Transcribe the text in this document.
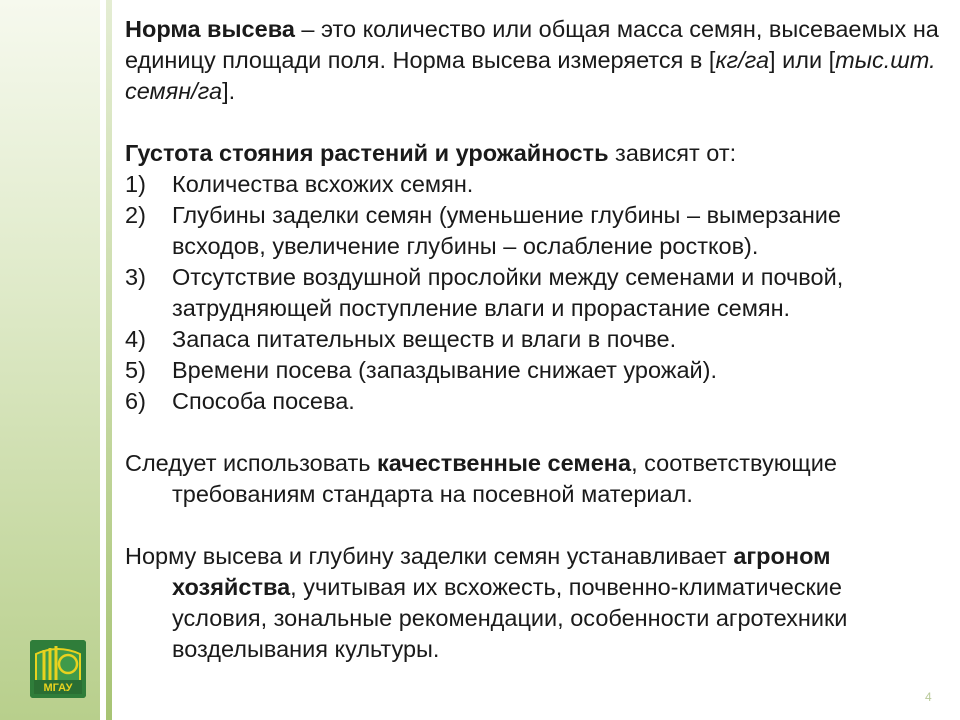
МГАУ

Норма высева – это количество или общая масса семян, высеваемых на единицу площади поля. Норма высева измеряется в [кг/га] или [тыс.шт. семян/га].

Густота стояния растений и урожайность зависят от:

1) Количества всхожих семян.
2) Глубины заделки семян (уменьшение глубины – вымерзание всходов, увеличение глубины – ослабление ростков).
3) Отсутствие воздушной прослойки между семенами и почвой, затрудняющей поступление влаги и прорастание семян.
4) Запаса питательных веществ и влаги в почве.
5) Времени посева (запаздывание снижает урожай).
6) Способа посева.

Следует использовать качественные семена, соответствующие требованиям стандарта на посевной материал.

Норму высева и глубину заделки семян устанавливает агроном хозяйства, учитывая их всхожесть, почвенно-климатические условия, зональные рекомендации, особенности агротехники возделывания культуры.

4
